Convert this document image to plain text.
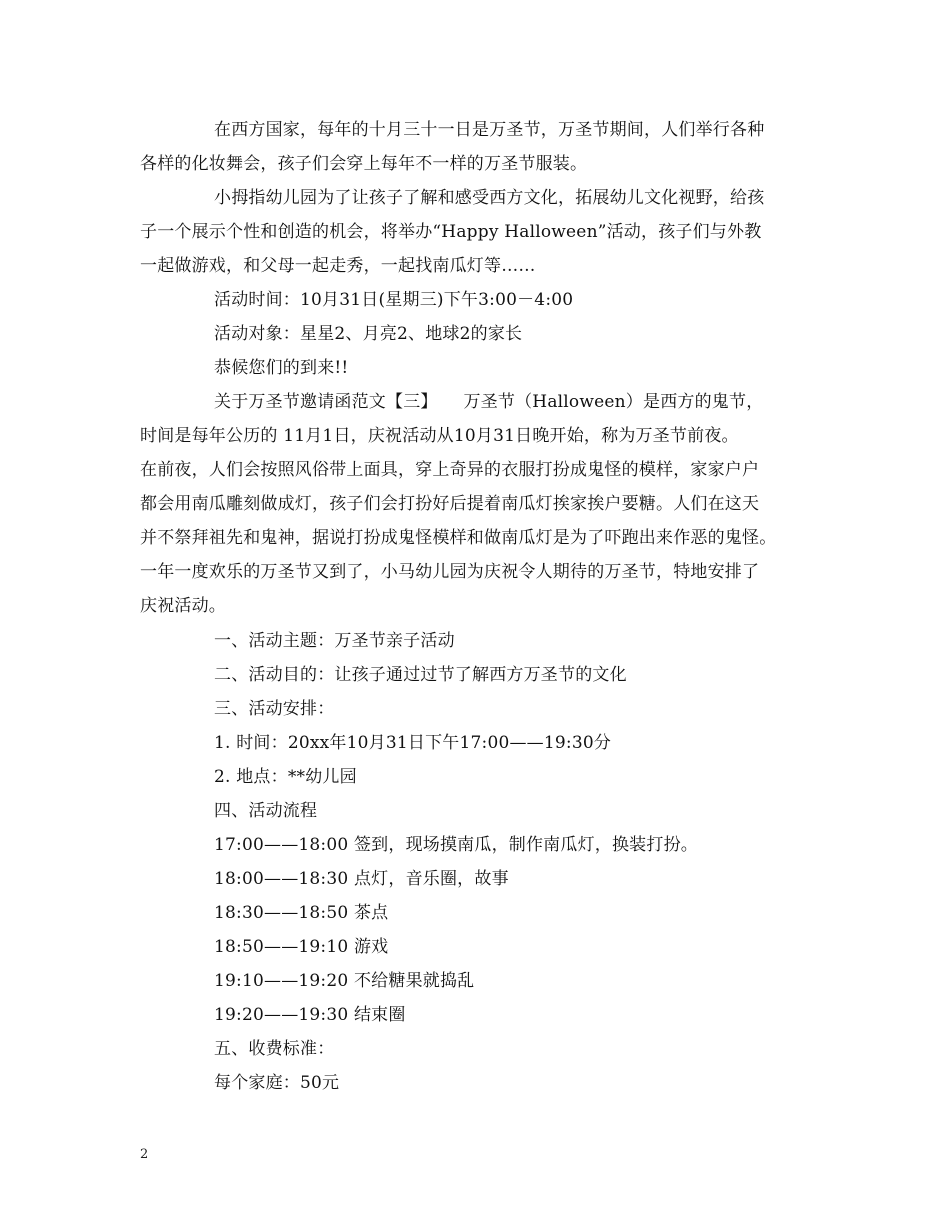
在西方国家，每年的十月三十一日是万圣节，万圣节期间，人们举行各种
各样的化妆舞会，孩子们会穿上每年不一样的万圣节服装。
小拇指幼儿园为了让孩子了解和感受西方文化，拓展幼儿文化视野，给孩
子一个展示个性和创造的机会，将举办“Happy Halloween”活动，孩子们与外教
一起做游戏，和父母一起走秀，一起找南瓜灯等……
活动时间：10月31日(星期三)下午3:00－4:00
活动对象：星星2、月亮2、地球2的家长
恭候您们的到来!!
关于万圣节邀请函范文【三】　　万圣节（Halloween）是西方的鬼节，
时间是每年公历的 11月1日，庆祝活动从10月31日晚开始，称为万圣节前夜。
在前夜，人们会按照风俗带上面具，穿上奇异的衣服打扮成鬼怪的模样，家家户户
都会用南瓜雕刻做成灯，孩子们会打扮好后提着南瓜灯挨家挨户要糖。人们在这天
并不祭拜祖先和鬼神，据说打扮成鬼怪模样和做南瓜灯是为了吓跑出来作恶的鬼怪。
一年一度欢乐的万圣节又到了，小马幼儿园为庆祝令人期待的万圣节，特地安排了
庆祝活动。
一、活动主题：万圣节亲子活动
二、活动目的：让孩子通过过节了解西方万圣节的文化
三、活动安排：
1. 时间：20xx年10月31日下午17:00——19:30分
2. 地点：**幼儿园
四、活动流程
17:00——18:00 签到，现场摸南瓜，制作南瓜灯，换装打扮。
18:00——18:30 点灯，音乐圈，故事
18:30——18:50 茶点
18:50——19:10 游戏
19:10——19:20 不给糖果就捣乱
19:20——19:30 结束圈
五、收费标准：
每个家庭：50元
2
